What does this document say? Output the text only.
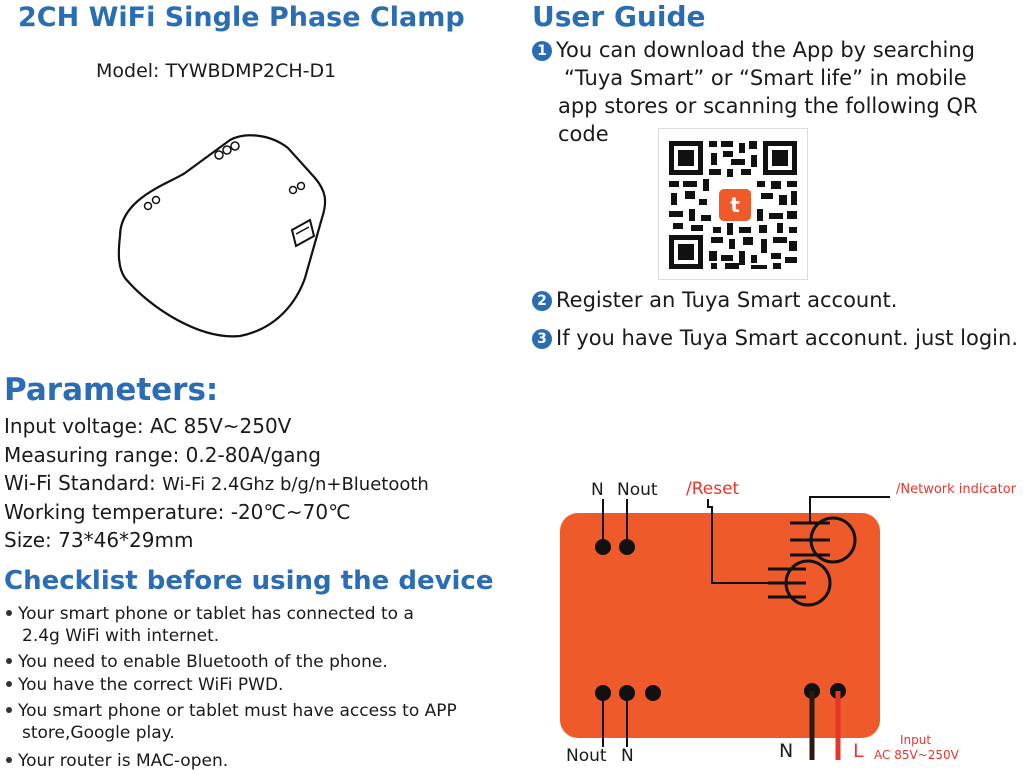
2CH WiFi Single Phase Clamp
Model: TYWBDMP2CH-D1
User Guide
1 You can download the App by searching
“Tuya Smart” or “Smart life” in mobile
app stores or scanning the following QR
code
t
2 Register an Tuya Smart account.
3 If you have Tuya Smart acconunt. just login.
Parameters:
Input voltage: AC 85V~250V
Measuring range: 0.2-80A/gang
Wi-Fi Standard: Wi-Fi 2.4Ghz b/g/n+Bluetooth
Working temperature: -20℃~70℃
Size: 73*46*29mm
Checklist before using the device
Your smart phone or tablet has connected to a
2.4g WiFi with internet.
You need to enable Bluetooth of the phone.
You have the correct WiFi PWD.
You smart phone or tablet must have access to APP
store,Google play.
Your router is MAC-open.
N Nout /Reset	/Network indicator
Nout N	N	L	Input
AC 85V~250V
